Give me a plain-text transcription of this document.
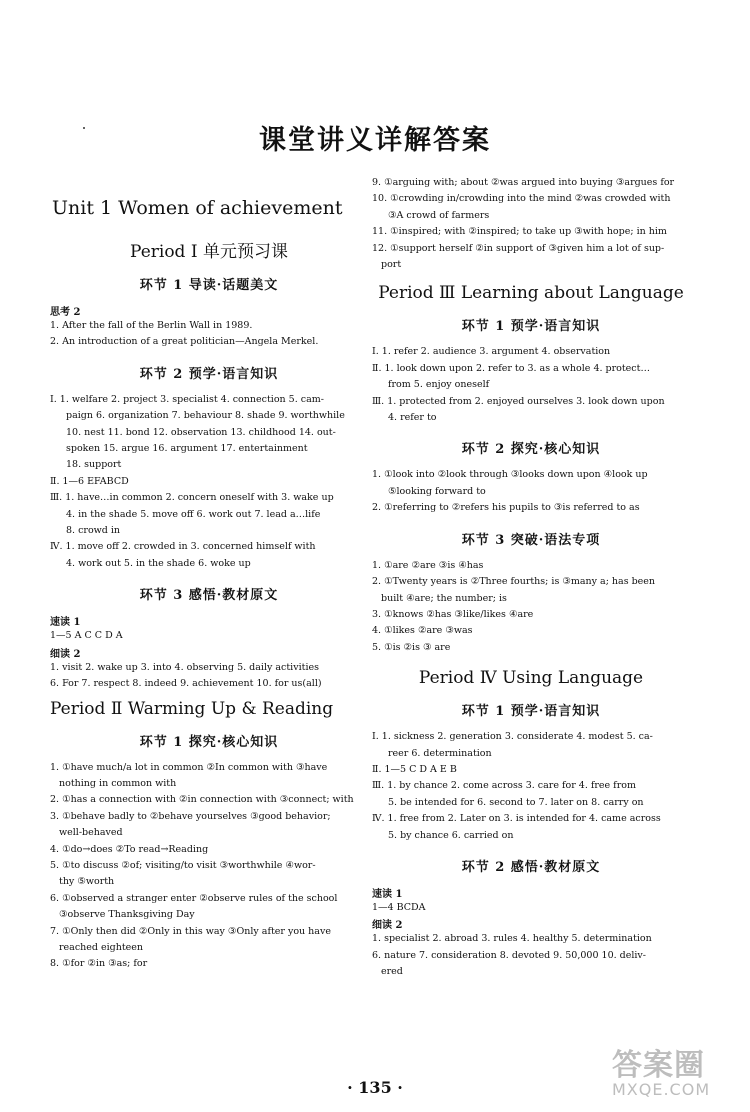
课堂讲义详解答案
Unit 1 Women of achievement
Period Ⅰ 单元预习课
环节 1 导读·话题美文

思考 2

1. After the fall of the Berlin Wall in 1989.

2. An introduction of a great politician—Angela Merkel.

环节 2 预学·语言知识

Ⅰ. 1. welfare 2. project 3. specialist 4. connection 5. cam-

paign 6. organization 7. behaviour 8. shade 9. worthwhile

10. nest 11. bond 12. observation 13. childhood 14. out-

spoken 15. argue 16. argument 17. entertainment

18. support

Ⅱ. 1—6 EFABCD

Ⅲ. 1. have…in common 2. concern oneself with 3. wake up

4. in the shade 5. move off 6. work out 7. lead a…life

8. crowd in

Ⅳ. 1. move off 2. crowded in 3. concerned himself with

4. work out 5. in the shade 6. woke up

环节 3 感悟·教材原文

速读 1

1—5 A C C D A

细读 2

1. visit 2. wake up 3. into 4. observing 5. daily activities

6. For 7. respect 8. indeed 9. achievement 10. for us(all)

Period Ⅱ Warming Up & Reading
环节 1 探究·核心知识

1. ①have much/a lot in common ②In common with ③have

nothing in common with

2. ①has a connection with ②in connection with ③connect; with

3. ①behave badly to ②behave yourselves ③good behavior;

well-behaved

4. ①do→does ②To read→Reading

5. ①to discuss ②of; visiting/to visit ③worthwhile ④wor-

thy ⑤worth

6. ①observed a stranger enter ②observe rules of the school

③observe Thanksgiving Day

7. ①Only then did ②Only in this way ③Only after you have

reached eighteen

8. ①for ②in ③as; for

9. ①arguing with; about ②was argued into buying ③argues for

10. ①crowding in/crowding into the mind ②was crowded with

③A crowd of farmers

11. ①inspired; with ②inspired; to take up ③with hope; in him

12. ①support herself ②in support of ③given him a lot of sup-

port

Period Ⅲ Learning about Language
环节 1 预学·语言知识

Ⅰ. 1. refer 2. audience 3. argument 4. observation

Ⅱ. 1. look down upon 2. refer to 3. as a whole 4. protect…

from 5. enjoy oneself

Ⅲ. 1. protected from 2. enjoyed ourselves 3. look down upon

4. refer to

环节 2 探究·核心知识

1. ①look into ②look through ③looks down upon ④look up

⑤looking forward to

2. ①referring to ②refers his pupils to ③is referred to as

环节 3 突破·语法专项

1. ①are ②are ③is ④has

2. ①Twenty years is ②Three fourths; is ③many a; has been

built ④are; the number; is

3. ①knows ②has ③like/likes ④are

4. ①likes ②are ③was

5. ①is ②is ③ are

Period Ⅳ Using Language
环节 1 预学·语言知识

Ⅰ. 1. sickness 2. generation 3. considerate 4. modest 5. ca-

reer 6. determination

Ⅱ. 1—5 C D A E B

Ⅲ. 1. by chance 2. come across 3. care for 4. free from

5. be intended for 6. second to 7. later on 8. carry on

Ⅳ. 1. free from 2. Later on 3. is intended for 4. came across

5. by chance 6. carried on

环节 2 感悟·教材原文

速读 1

1—4 BCDA

细读 2

1. specialist 2. abroad 3. rules 4. healthy 5. determination

6. nature 7. consideration 8. devoted 9. 50,000 10. deliv-

ered

· 135 ·
答案圈
MXQE.COM
